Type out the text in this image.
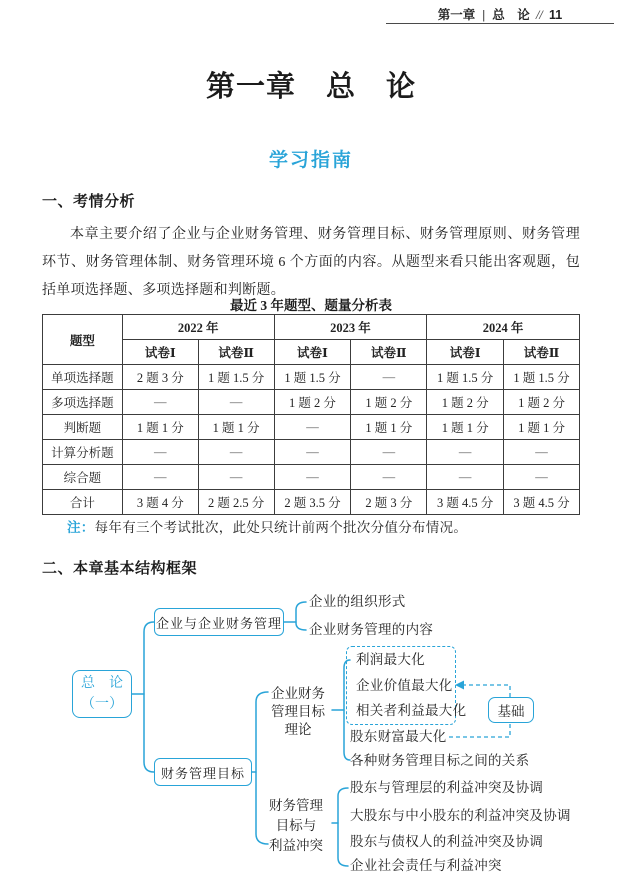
第一章 | 总　论 // 11
第一章　总　论
学习指南
一、考情分析
本章主要介绍了企业与企业财务管理、财务管理目标、财务管理原则、财务管理环节、财务管理体制、财务管理环境 6 个方面的内容。从题型来看只能出客观题，包括单项选择题、多项选择题和判断题。
最近 3 年题型、题量分析表
题型	2022 年		2023 年		2024 年	
	试卷Ⅰ	试卷Ⅱ	试卷Ⅰ	试卷Ⅱ	试卷Ⅰ	试卷Ⅱ
单项选择题	2 题 3 分	1 题 1.5 分	1 题 1.5 分	—	1 题 1.5 分	1 题 1.5 分
多项选择题	—	—	1 题 2 分	1 题 2 分	1 题 2 分	1 题 2 分
判断题	1 题 1 分	1 题 1 分	—	1 题 1 分	1 题 1 分	1 题 1 分
计算分析题	—	—	—	—	—	—
综合题	—	—	—	—	—	—
合计	3 题 4 分	2 题 2.5 分	2 题 3.5 分	2 题 3 分	3 题 4.5 分	3 题 4.5 分
注：每年有三个考试批次，此处只统计前两个批次分值分布情况。
二、本章基本结构框架
总　论
（一）
企业与企业财务管理
财务管理目标
企业的组织形式
企业财务管理的内容
企业财务
管理目标
理论
利润最大化
企业价值最大化
相关者利益最大化
股东财富最大化
各种财务管理目标之间的关系
基础
财务管理
目标与
利益冲突
股东与管理层的利益冲突及协调
大股东与中小股东的利益冲突及协调
股东与债权人的利益冲突及协调
企业社会责任与利益冲突
